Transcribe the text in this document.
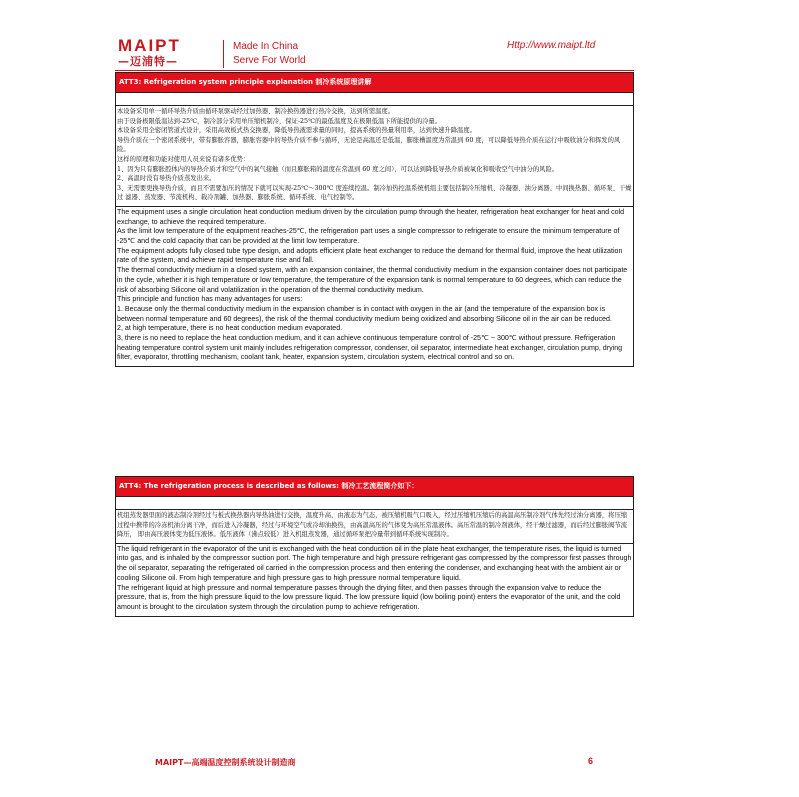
MAIPT
—迈浦特—
Made In China
Serve For World
Http://www.maipt.ltd
ATT3: Refrigeration system principle explanation 制冷系统原理讲解

本设备采用单一循环导热介质由循环泵驱动经过加热器、制冷换热器进行热冷交换，达到所需温度。

由于设备极限低温达到-25℃，制冷部分采用单压缩机制冷，保证-25℃的最低温度及在极限低温下所能提供的冷量。

本设备采用全密闭管道式设计，采用高效板式热交换器，降低导热液需求量的同时，提高系统的热量利用率，达到快速升降温度。

导热介质在一个密闭系统中，带有膨胀容器，膨胀容器中的导热介质不参与循环，无论是高温还是低温，膨胀槽温度为常温到 60 度，可以降低导热介质在运行中吸收油分和挥发的风险。

这样的原理和功能对使用人员来说有诸多优势：

1、因为只有膨胀腔体内的导热介质才和空气中的氧气接触（而且膨胀箱的温度在常温到 60 度之间），可以达到降低导热介质被氧化和吸收空气中油分的风险。

2、高温时没有导热介质蒸发出来。

3、无需要更换导热介质，而且不需要加压的情况下就可以实现-25℃～300℃ 度连续控温。制冷加热控温系统机组主要包括制冷压缩机、冷凝器、油分离器、中间换热器、循环泵、干燥过 滤器、蒸发器、节流机构、载冷剂罐、加热器、膨胀系统、循环系统、电气控制等。

The equipment uses a single circulation heat conduction medium driven by the circulation pump through the heater, refrigeration heat exchanger for heat and cold exchange, to achieve the required temperature.

As the limit low temperature of the equipment reaches-25℃, the refrigeration part uses a single compressor to refrigerate to ensure the minimum temperature of -25℃ and the cold capacity that can be provided at the limit low temperature.

The equipment adopts fully closed tube type design, and adopts efficient plate heat exchanger to reduce the demand for thermal fluid, improve the heat utilization rate of the system, and achieve rapid temperature rise and fall.

The thermal conductivity medium in a closed system, with an expansion container, the thermal conductivity medium in the expansion container does not participate in the cycle, whether it is high temperature or low temperature, the temperature of the expansion tank is normal temperature to 60 degrees, which can reduce the risk of absorbing Silicone oil and volatilization in the operation of the thermal conductivity medium.

This principle and function has many advantages for users:

1. Because only the thermal conductivity medium in the expansion chamber is in contact with oxygen in the air (and the temperature of the expansion box is between normal temperature and 60 degrees), the risk of the thermal conductivity medium being oxidized and absorbing Silicone oil in the air can be reduced.

2, at high temperature, there is no heat conduction medium evaporated.

3, there is no need to replace the heat conduction medium, and it can achieve continuous temperature control of -25℃ ~ 300℃ without pressure. Refrigeration heating temperature control system unit mainly includes refrigeration compressor, condenser, oil separator, intermediate heat exchanger, circulation pump, drying filter, evaporator, throttling mechanism, coolant tank, heater, expansion system, circulation system, electrical control and so on.

ATT4: The refrigeration process is described as follows: 制冷工艺流程简介如下：

机组蒸发器里面的液态制冷剂经过与板式换热器内导热油进行交换，温度升高，由液态为气态，被压缩机吸气口吸入，经过压缩机压缩后的高温高压制冷剂气体先经过油分离器，将压缩过程中携带的冷冻机油分离干净，而后进入冷凝器，经过与环境空气或冷却油换热，由高温高压的气体变为高压常温液体。高压常温的制冷剂液体，经干燥过滤器，而后经过膨胀阀节流降压， 即由高压液体变为低压液体。低压液体（沸点较低）进入机组蒸发器，通过循环泵把冷量带到循环系统实现制冷。

The liquid refrigerant in the evaporator of the unit is exchanged with the heat conduction oil in the plate heat exchanger, the temperature rises, the liquid is turned into gas, and is inhaled by the compressor suction port. The high temperature and high pressure refrigerant gas compressed by the compressor first passes through the oil separator, separating the refrigerated oil carried in the compression process and then entering the condenser, and exchanging heat with the ambient air or cooling Silicone oil. From high temperature and high pressure gas to high pressure normal temperature liquid.

The refrigerant liquid at high pressure and normal temperature passes through the drying filter, and then passes through the expansion valve to reduce the pressure, that is, from the high pressure liquid to the low pressure liquid. The low pressure liquid (low boiling point) enters the evaporator of the unit, and the cold amount is brought to the circulation system through the circulation pump to achieve refrigeration.

MAIPT—高端温度控制系统设计制造商	6
